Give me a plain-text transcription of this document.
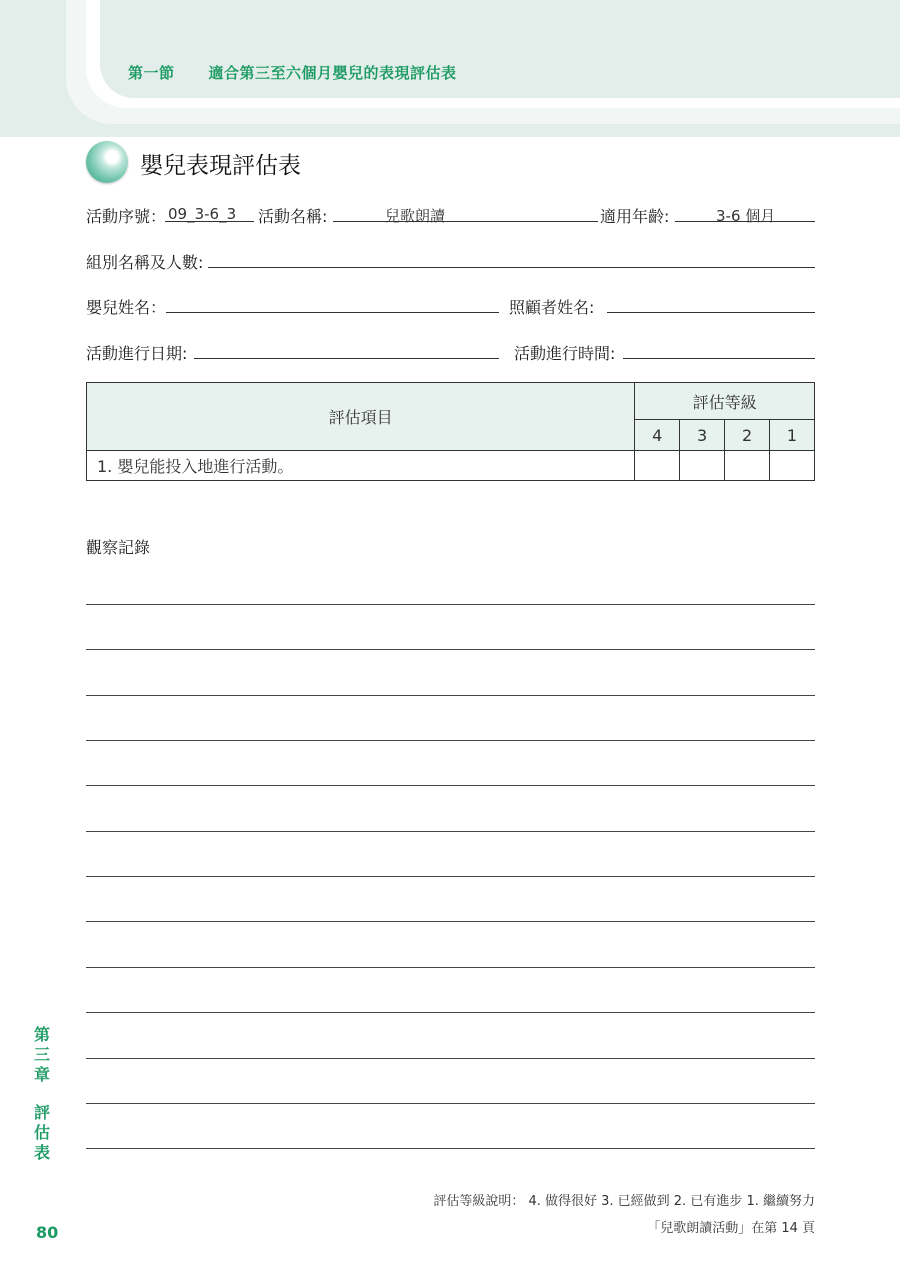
第一節 適合第三至六個月嬰兒的表現評估表
嬰兒表現評估表
活動序號： 09_3-6_3 活動名稱:	兒歌朗讀	適用年齡:	3-6 個月
組別名稱及人數:
嬰兒姓名：	照顧者姓名:
活動進行日期:	活動進行時間:
評估項目	評估等級			
	4	3	2	1
1. 嬰兒能投入地進行活動。				
觀察記錄
第
三
章
評
估
表
評估等級說明： 4. 做得很好 3. 已經做到 2. 已有進步 1. 繼續努力
「兒歌朗讀活動」在第 14 頁
80
